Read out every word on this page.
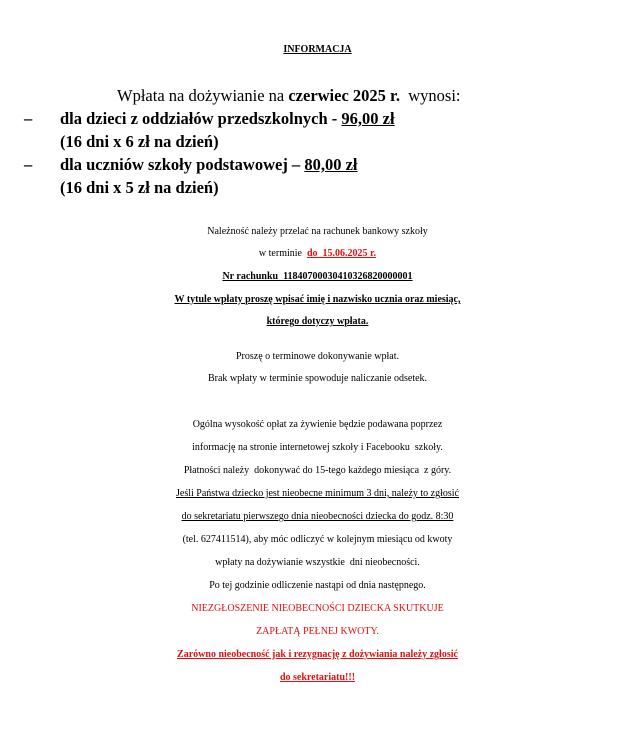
INFORMACJA
Wpłata na dożywianie na czerwiec 2025 r. wynosi:
– dla dzieci z oddziałów przedszkolnych - 96,00 zł
(16 dni x 6 zł na dzień)
– dla uczniów szkoły podstawowej – 80,00 zł
(16 dni x 5 zł na dzień)
Należność należy przelać na rachunek bankowy szkoły
w terminie  do  15.06.2025 r.
Nr rachunku  11840700030410326820000001
W tytule wpłaty proszę wpisać imię i nazwisko ucznia oraz miesiąc,
którego dotyczy wpłata.
Proszę o terminowe dokonywanie wpłat.
Brak wpłaty w terminie spowoduje naliczanie odsetek.
Ogólna wysokość opłat za żywienie będzie podawana poprzez
informację na stronie internetowej szkoły i Facebooku  szkoły.
Płatności należy  dokonywać do 15-tego każdego miesiąca  z góry.
Jeśli Państwa dziecko jest nieobecne minimum 3 dni, należy to zgłosić
do sekretariatu pierwszego dnia nieobecności dziecka do godz. 8:30
(tel. 627411514), aby móc odliczyć w kolejnym miesiącu od kwoty
wpłaty na dożywianie wszystkie  dni nieobecności.
Po tej godzinie odliczenie nastąpi od dnia następnego.
NIEZGŁOSZENIE NIEOBECNOŚCI DZIECKA SKUTKUJE
ZAPŁATĄ PEŁNEJ KWOTY.
Zarówno nieobecność jak i rezygnację z dożywiania należy zgłosić
do sekretariatu!!!
